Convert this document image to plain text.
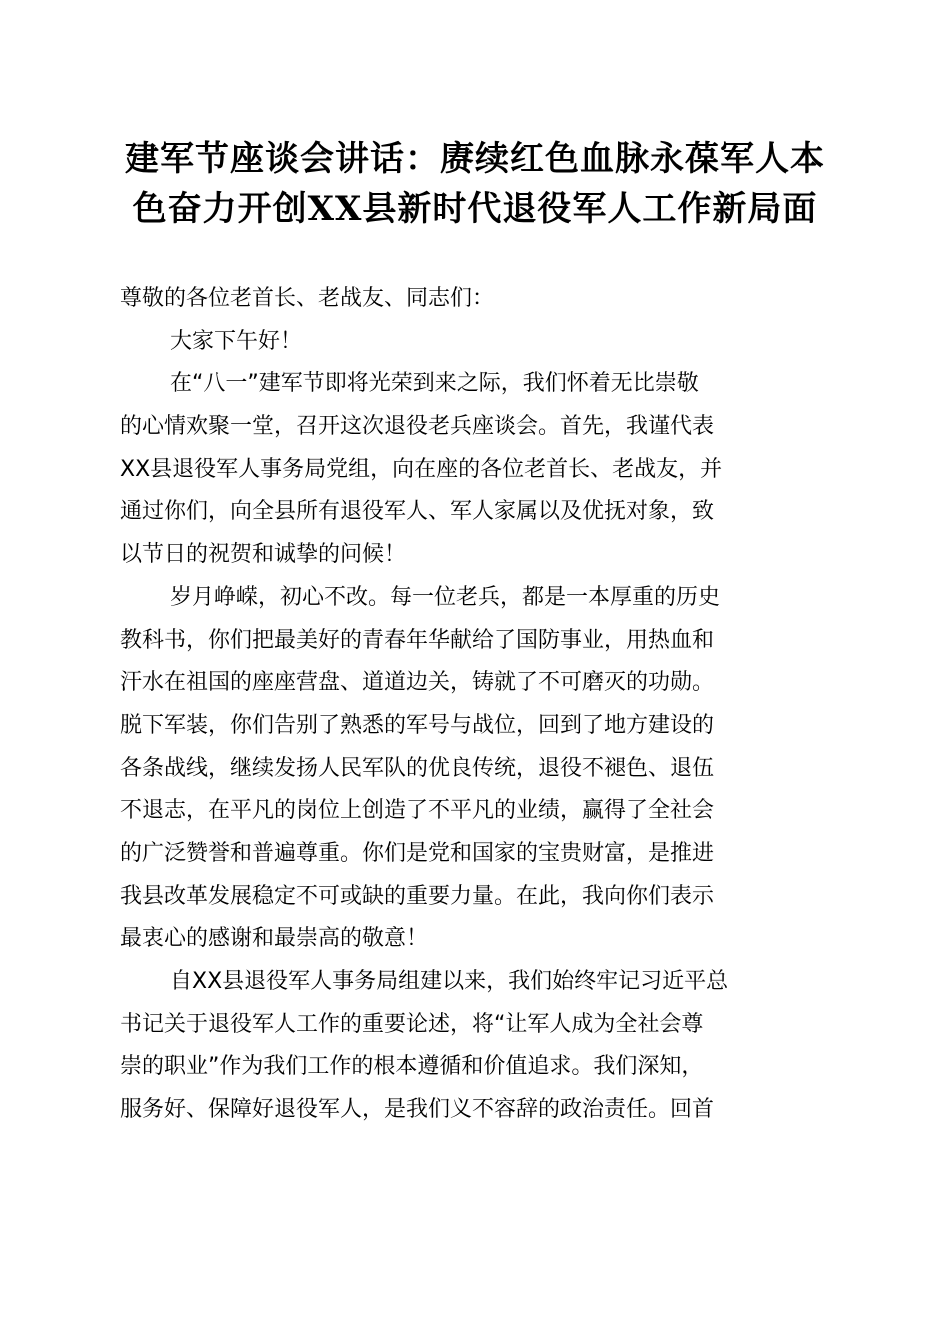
建军节座谈会讲话：赓续红色血脉永葆军人本
色奋力开创XX县新时代退役军人工作新局面
尊敬的各位老首长、老战友、同志们：
大家下午好！
在“八一”建军节即将光荣到来之际，我们怀着无比崇敬
的心情欢聚一堂，召开这次退役老兵座谈会。首先，我谨代表
XX县退役军人事务局党组，向在座的各位老首长、老战友，并
通过你们，向全县所有退役军人、军人家属以及优抚对象，致
以节日的祝贺和诚挚的问候！
岁月峥嵘，初心不改。每一位老兵，都是一本厚重的历史
教科书，你们把最美好的青春年华献给了国防事业，用热血和
汗水在祖国的座座营盘、道道边关，铸就了不可磨灭的功勋。
脱下军装，你们告别了熟悉的军号与战位，回到了地方建设的
各条战线，继续发扬人民军队的优良传统，退役不褪色、退伍
不退志，在平凡的岗位上创造了不平凡的业绩，赢得了全社会
的广泛赞誉和普遍尊重。你们是党和国家的宝贵财富，是推进
我县改革发展稳定不可或缺的重要力量。在此，我向你们表示
最衷心的感谢和最崇高的敬意！
自XX县退役军人事务局组建以来，我们始终牢记习近平总
书记关于退役军人工作的重要论述，将“让军人成为全社会尊
崇的职业”作为我们工作的根本遵循和价值追求。我们深知，
服务好、保障好退役军人，是我们义不容辞的政治责任。回首
